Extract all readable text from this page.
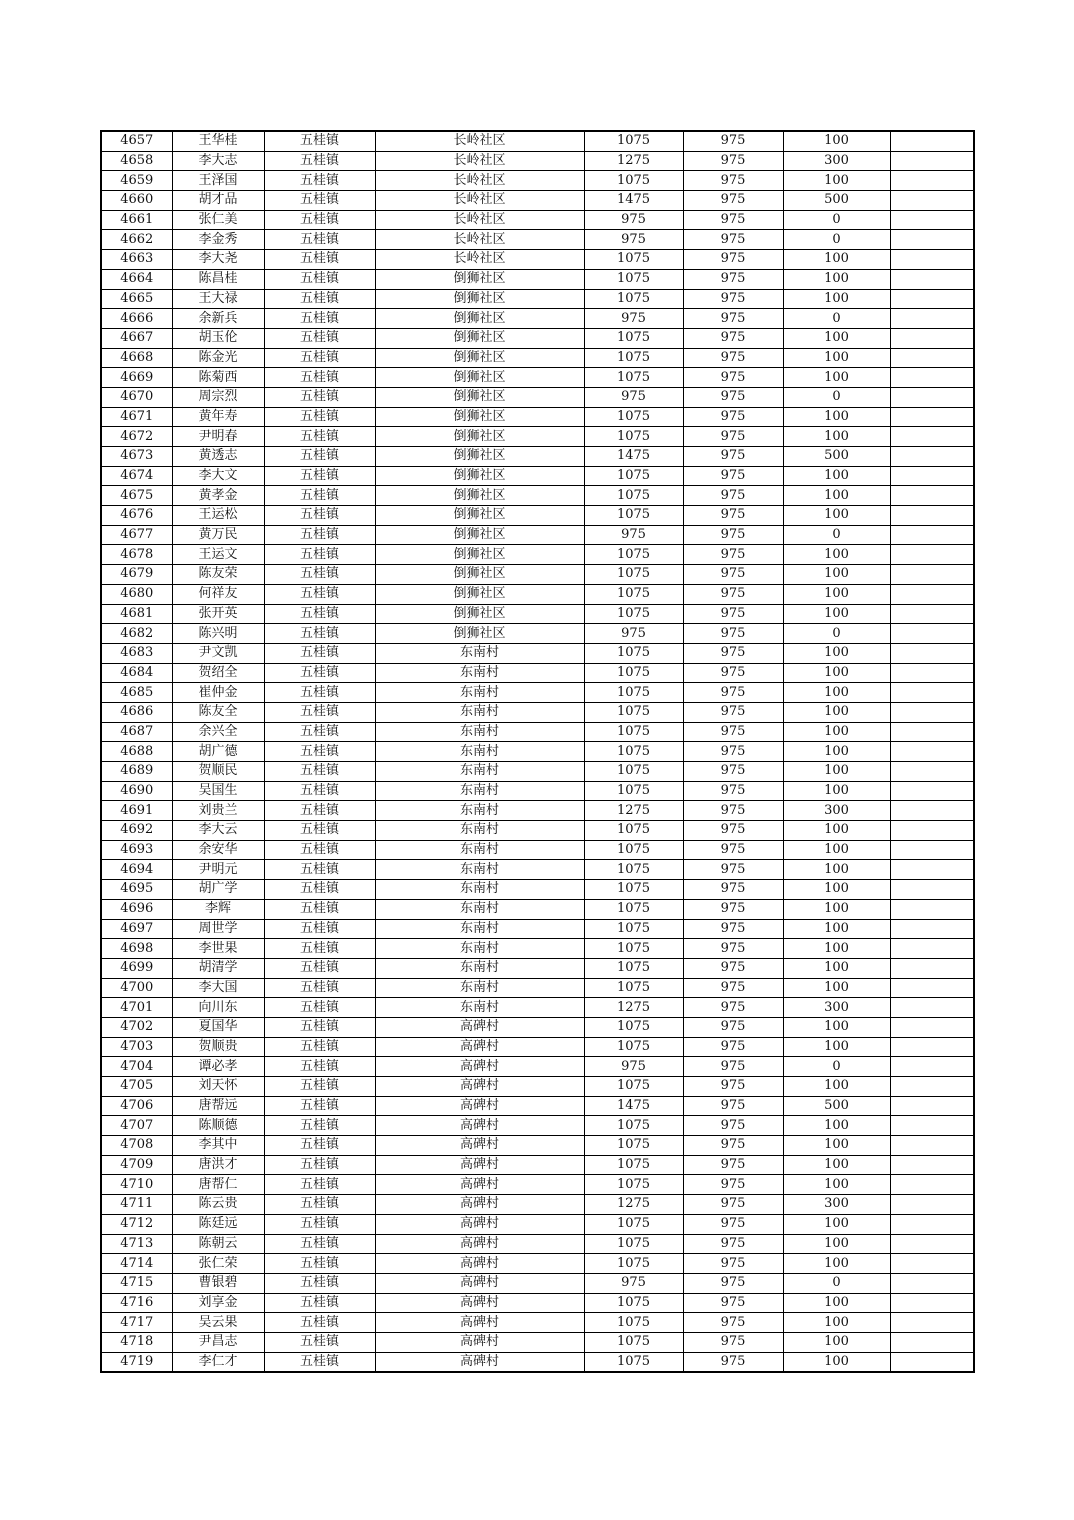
4657	王华桂	五桂镇	长岭社区	1075	975	100	
4658	李大志	五桂镇	长岭社区	1275	975	300	
4659	王泽国	五桂镇	长岭社区	1075	975	100	
4660	胡才品	五桂镇	长岭社区	1475	975	500	
4661	张仁美	五桂镇	长岭社区	975	975	0	
4662	李金秀	五桂镇	长岭社区	975	975	0	
4663	李大尧	五桂镇	长岭社区	1075	975	100	
4664	陈昌桂	五桂镇	倒狮社区	1075	975	100	
4665	王大禄	五桂镇	倒狮社区	1075	975	100	
4666	余新兵	五桂镇	倒狮社区	975	975	0	
4667	胡玉伦	五桂镇	倒狮社区	1075	975	100	
4668	陈金光	五桂镇	倒狮社区	1075	975	100	
4669	陈菊西	五桂镇	倒狮社区	1075	975	100	
4670	周宗烈	五桂镇	倒狮社区	975	975	0	
4671	黄年寿	五桂镇	倒狮社区	1075	975	100	
4672	尹明春	五桂镇	倒狮社区	1075	975	100	
4673	黄透志	五桂镇	倒狮社区	1475	975	500	
4674	李大文	五桂镇	倒狮社区	1075	975	100	
4675	黄孝金	五桂镇	倒狮社区	1075	975	100	
4676	王运松	五桂镇	倒狮社区	1075	975	100	
4677	黄万民	五桂镇	倒狮社区	975	975	0	
4678	王运文	五桂镇	倒狮社区	1075	975	100	
4679	陈友荣	五桂镇	倒狮社区	1075	975	100	
4680	何祥友	五桂镇	倒狮社区	1075	975	100	
4681	张开英	五桂镇	倒狮社区	1075	975	100	
4682	陈兴明	五桂镇	倒狮社区	975	975	0	
4683	尹文凯	五桂镇	东南村	1075	975	100	
4684	贺绍全	五桂镇	东南村	1075	975	100	
4685	崔仲金	五桂镇	东南村	1075	975	100	
4686	陈友全	五桂镇	东南村	1075	975	100	
4687	余兴全	五桂镇	东南村	1075	975	100	
4688	胡广德	五桂镇	东南村	1075	975	100	
4689	贺顺民	五桂镇	东南村	1075	975	100	
4690	吴国生	五桂镇	东南村	1075	975	100	
4691	刘贵兰	五桂镇	东南村	1275	975	300	
4692	李大云	五桂镇	东南村	1075	975	100	
4693	余安华	五桂镇	东南村	1075	975	100	
4694	尹明元	五桂镇	东南村	1075	975	100	
4695	胡广学	五桂镇	东南村	1075	975	100	
4696	李辉	五桂镇	东南村	1075	975	100	
4697	周世学	五桂镇	东南村	1075	975	100	
4698	李世果	五桂镇	东南村	1075	975	100	
4699	胡清学	五桂镇	东南村	1075	975	100	
4700	李大国	五桂镇	东南村	1075	975	100	
4701	向川东	五桂镇	东南村	1275	975	300	
4702	夏国华	五桂镇	高碑村	1075	975	100	
4703	贺顺贵	五桂镇	高碑村	1075	975	100	
4704	谭必孝	五桂镇	高碑村	975	975	0	
4705	刘天怀	五桂镇	高碑村	1075	975	100	
4706	唐帮远	五桂镇	高碑村	1475	975	500	
4707	陈顺德	五桂镇	高碑村	1075	975	100	
4708	李其中	五桂镇	高碑村	1075	975	100	
4709	唐洪才	五桂镇	高碑村	1075	975	100	
4710	唐帮仁	五桂镇	高碑村	1075	975	100	
4711	陈云贵	五桂镇	高碑村	1275	975	300	
4712	陈廷远	五桂镇	高碑村	1075	975	100	
4713	陈朝云	五桂镇	高碑村	1075	975	100	
4714	张仁荣	五桂镇	高碑村	1075	975	100	
4715	曹银碧	五桂镇	高碑村	975	975	0	
4716	刘享金	五桂镇	高碑村	1075	975	100	
4717	吴云果	五桂镇	高碑村	1075	975	100	
4718	尹昌志	五桂镇	高碑村	1075	975	100	
4719	李仁才	五桂镇	高碑村	1075	975	100	
